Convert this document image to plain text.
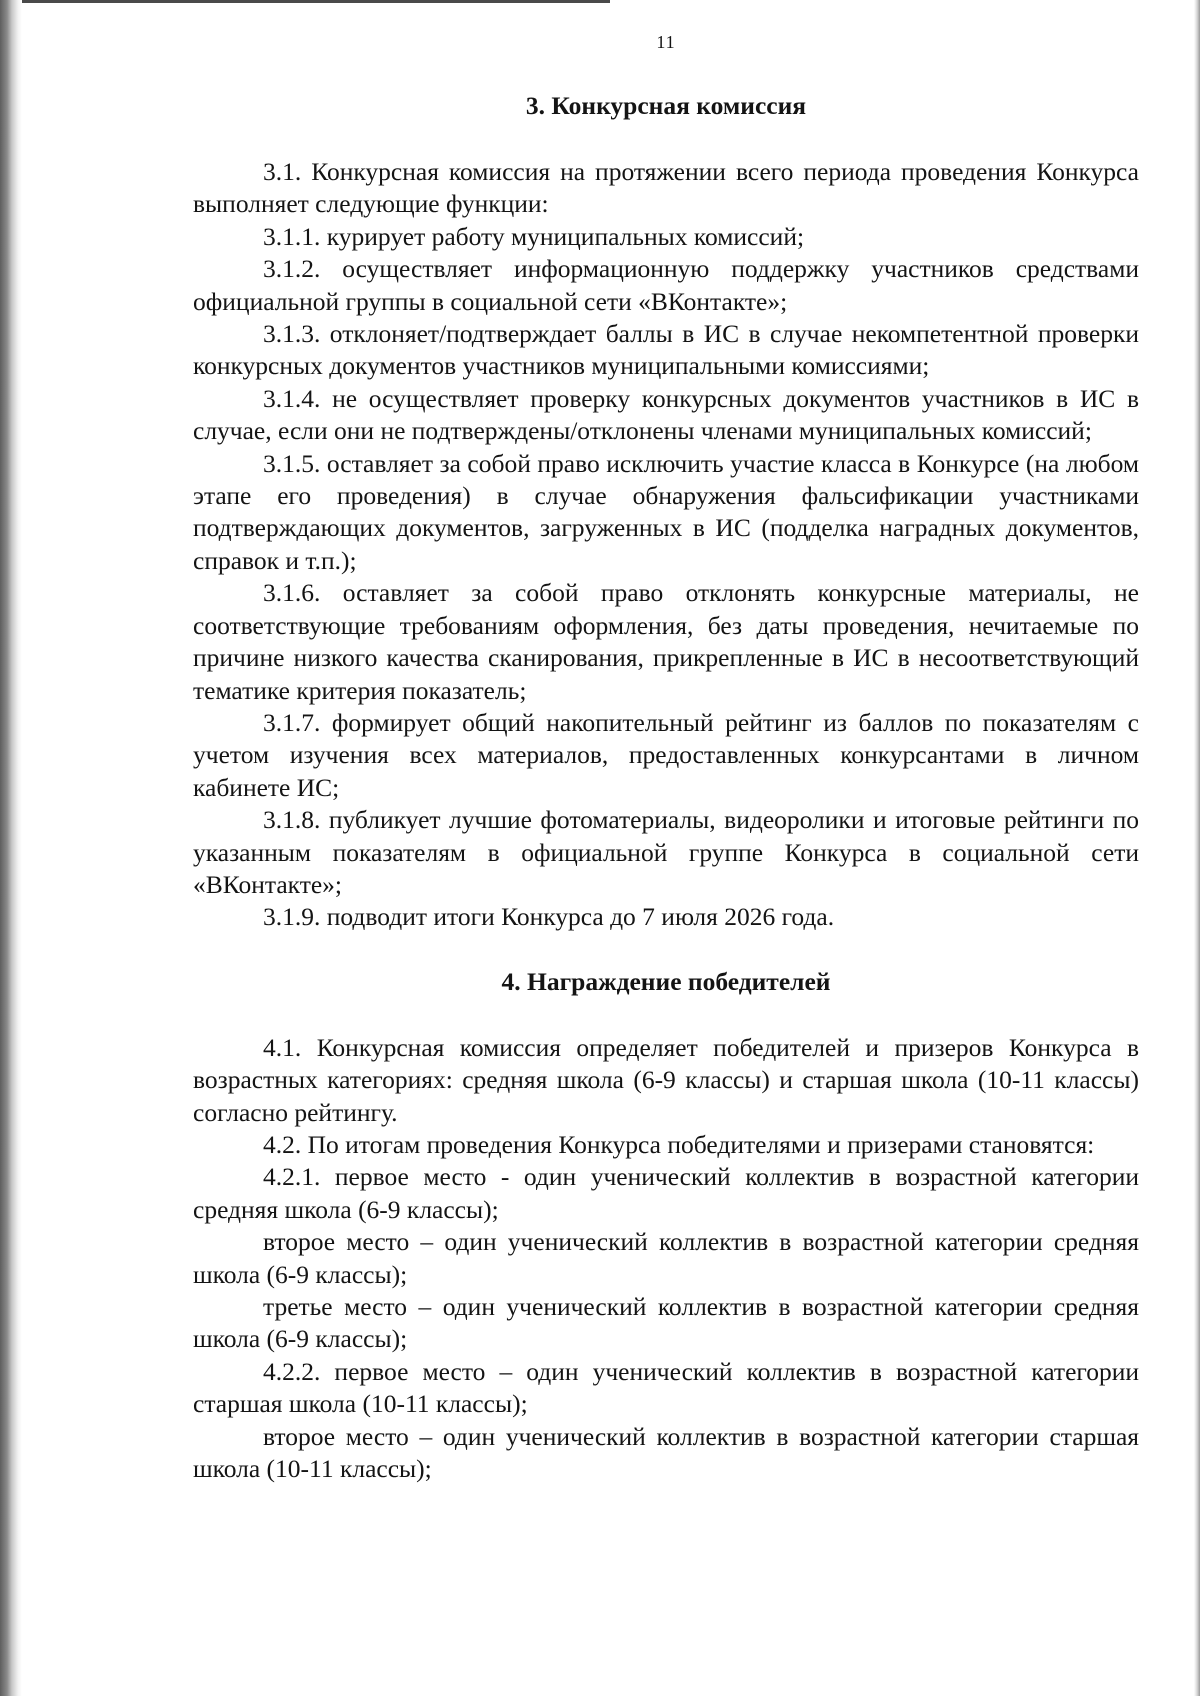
11
3. Конкурсная комиссия

3.1. Конкурсная комиссия на протяжении всего периода проведения Конкурса выполняет следующие функции:

3.1.1. курирует работу муниципальных комиссий;

3.1.2. осуществляет информационную поддержку участников средствами официальной группы в социальной сети «ВКонтакте»;

3.1.3. отклоняет/подтверждает баллы в ИС в случае некомпетентной проверки конкурсных документов участников муниципальными комиссиями;

3.1.4. не осуществляет проверку конкурсных документов участников в ИС в случае, если они не подтверждены/отклонены членами муниципальных комиссий;

3.1.5. оставляет за собой право исключить участие класса в Конкурсе (на любом этапе его проведения) в случае обнаружения фальсификации участниками подтверждающих документов, загруженных в ИС (подделка наградных документов, справок и т.п.);

3.1.6. оставляет за собой право отклонять конкурсные материалы, не соответствующие требованиям оформления, без даты проведения, нечитаемые по причине низкого качества сканирования, прикрепленные в ИС в несоответствующий тематике критерия показатель;

3.1.7. формирует общий накопительный рейтинг из баллов по показателям с учетом изучения всех материалов, предоставленных конкурсантами в личном кабинете ИС;

3.1.8. публикует лучшие фотоматериалы, видеоролики и итоговые рейтинги по указанным показателям в официальной группе Конкурса в социальной сети «ВКонтакте»;

3.1.9. подводит итоги Конкурса до 7 июля 2026 года.

4. Награждение победителей

4.1. Конкурсная комиссия определяет победителей и призеров Конкурса в возрастных категориях: средняя школа (6-9 классы) и старшая школа (10-11 классы) согласно рейтингу.

4.2. По итогам проведения Конкурса победителями и призерами становятся:

4.2.1. первое место - один ученический коллектив в возрастной категории средняя школа (6-9 классы);

второе место – один ученический коллектив в возрастной категории средняя школа (6-9 классы);

третье место – один ученический коллектив в возрастной категории средняя школа (6-9 классы);

4.2.2. первое место – один ученический коллектив в возрастной категории старшая школа (10-11 классы);

второе место – один ученический коллектив в возрастной категории старшая школа (10-11 классы);
